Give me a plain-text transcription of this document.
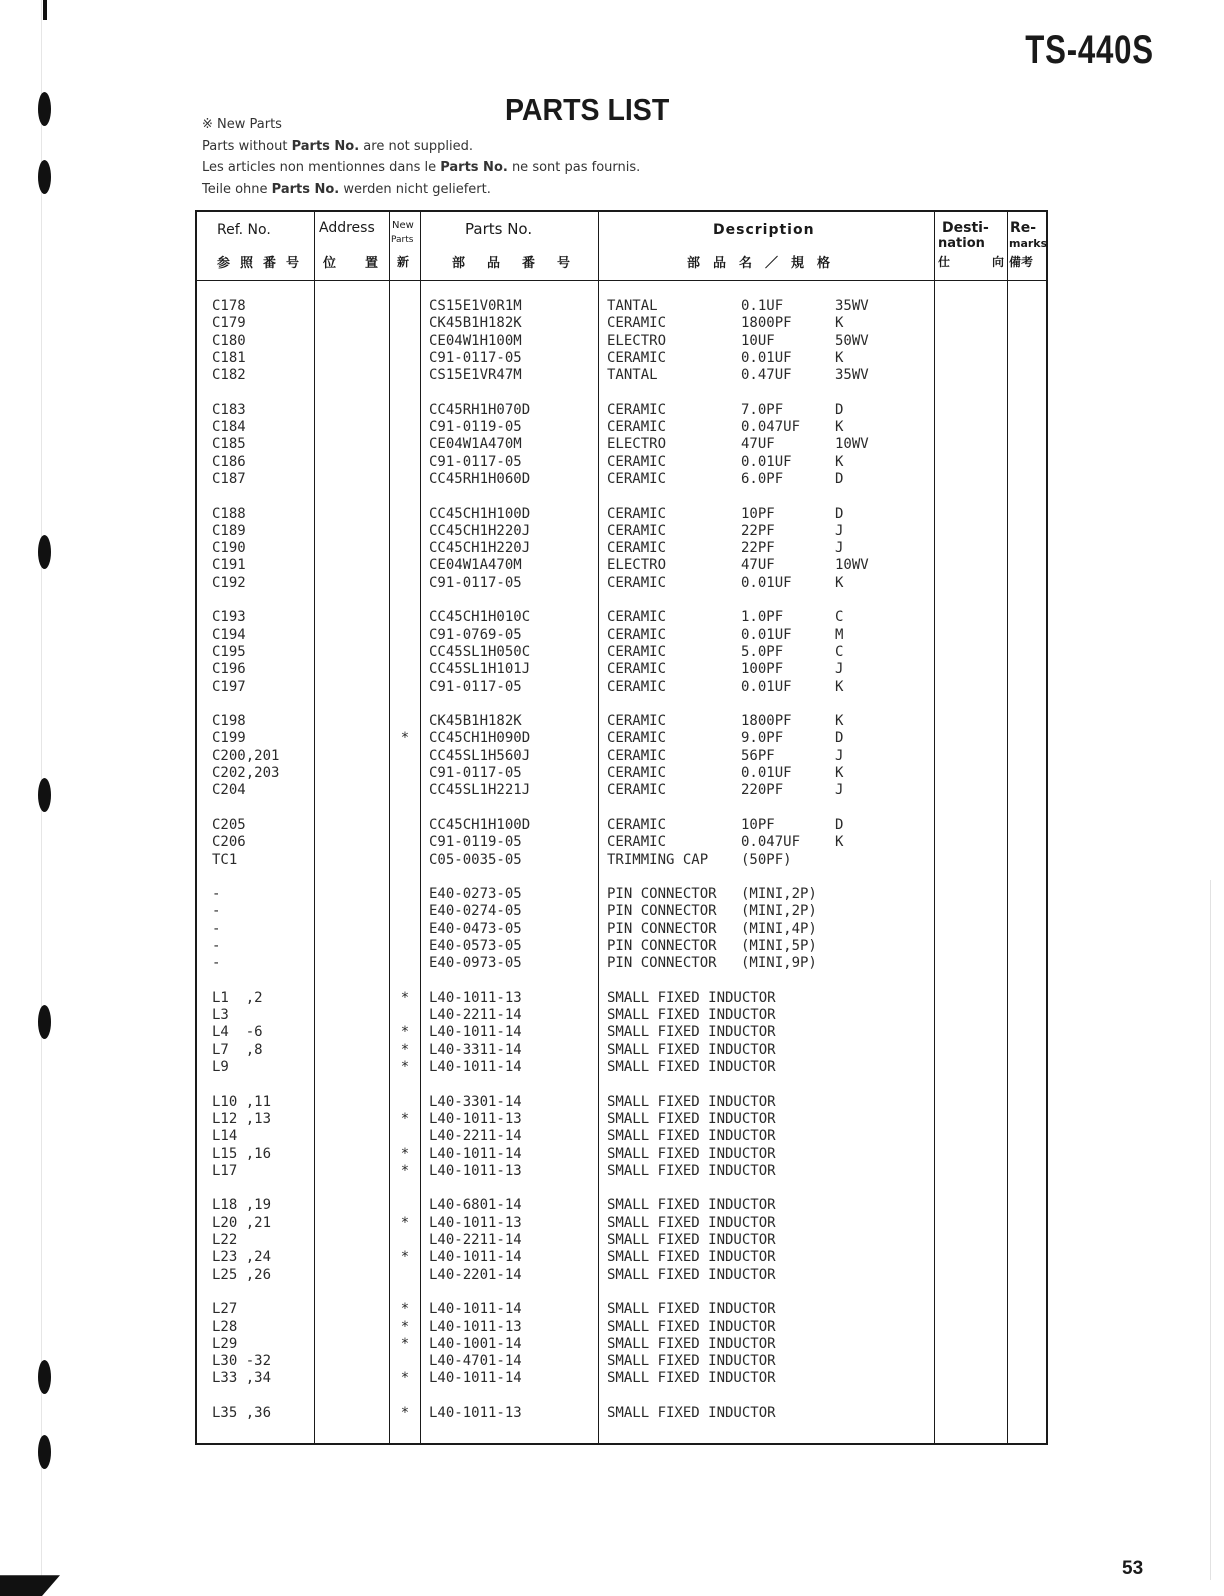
TS-440S
PARTS LIST
※ New Parts
Parts without Parts No. are not supplied.
Les articles non mentionnes dans le Parts No. ne sont pas fournis.
Teile ohne Parts No. werden nicht geliefert.
Ref. No.
参照番号
Address
位 置
New
Parts
新
Parts No.
部品番号
Description
部品名／規格
Desti-
nation
仕	向
Re-
marks
備考
C178	CS15E1V0R1M	TANTAL	0.1UF	35WV
C179	CK45B1H182K	CERAMIC	1800PF	K
C180	CE04W1H100M	ELECTRO	10UF	50WV
C181	C91-0117-05	CERAMIC	0.01UF	K
C182	CS15E1VR47M	TANTAL	0.47UF	35WV
C183	CC45RH1H070D	CERAMIC	7.0PF	D
C184	C91-0119-05	CERAMIC	0.047UF K
C185	CE04W1A470M	ELECTRO	47UF	10WV
C186	C91-0117-05	CERAMIC	0.01UF	K
C187	CC45RH1H060D	CERAMIC	6.0PF	D
C188	CC45CH1H100D	CERAMIC	10PF	D
C189	CC45CH1H220J	CERAMIC	22PF	J
C190	CC45CH1H220J	CERAMIC	22PF	J
C191	CE04W1A470M	ELECTRO	47UF	10WV
C192	C91-0117-05	CERAMIC	0.01UF	K
C193	CC45CH1H010C	CERAMIC	1.0PF	C
C194	C91-0769-05	CERAMIC	0.01UF	M
C195	CC45SL1H050C	CERAMIC	5.0PF	C
C196	CC45SL1H101J	CERAMIC	100PF	J
C197	C91-0117-05	CERAMIC	0.01UF	K
C198	CK45B1H182K	CERAMIC	1800PF	K
C199	* CC45CH1H090D	CERAMIC	9.0PF	D
C200,201	CC45SL1H560J	CERAMIC	56PF	J
C202,203	C91-0117-05	CERAMIC	0.01UF	K
C204	CC45SL1H221J	CERAMIC	220PF	J
C205	CC45CH1H100D	CERAMIC	10PF	D
C206	C91-0119-05	CERAMIC	0.047UF K
TC1	C05-0035-05	TRIMMING CAP (50PF)
-	E40-0273-05	PIN CONNECTOR (MINI,2P)
-	E40-0274-05	PIN CONNECTOR (MINI,2P)
-	E40-0473-05	PIN CONNECTOR (MINI,4P)
-	E40-0573-05	PIN CONNECTOR (MINI,5P)
-	E40-0973-05	PIN CONNECTOR (MINI,9P)
L1  ,2	* L40-1011-13	SMALL FIXED INDUCTOR
L3	L40-2211-14	SMALL FIXED INDUCTOR
L4  -6	* L40-1011-14	SMALL FIXED INDUCTOR
L7  ,8	* L40-3311-14	SMALL FIXED INDUCTOR
L9	* L40-1011-14	SMALL FIXED INDUCTOR
L10 ,11	L40-3301-14	SMALL FIXED INDUCTOR
L12 ,13	* L40-1011-13	SMALL FIXED INDUCTOR
L14	L40-2211-14	SMALL FIXED INDUCTOR
L15 ,16	* L40-1011-14	SMALL FIXED INDUCTOR
L17	* L40-1011-13	SMALL FIXED INDUCTOR
L18 ,19	L40-6801-14	SMALL FIXED INDUCTOR
L20 ,21	* L40-1011-13	SMALL FIXED INDUCTOR
L22	L40-2211-14	SMALL FIXED INDUCTOR
L23 ,24	* L40-1011-14	SMALL FIXED INDUCTOR
L25 ,26	L40-2201-14	SMALL FIXED INDUCTOR
L27	* L40-1011-14	SMALL FIXED INDUCTOR
L28	* L40-1011-13	SMALL FIXED INDUCTOR
L29	* L40-1001-14	SMALL FIXED INDUCTOR
L30 -32	L40-4701-14	SMALL FIXED INDUCTOR
L33 ,34	* L40-1011-14	SMALL FIXED INDUCTOR
L35 ,36	* L40-1011-13	SMALL FIXED INDUCTOR
53
